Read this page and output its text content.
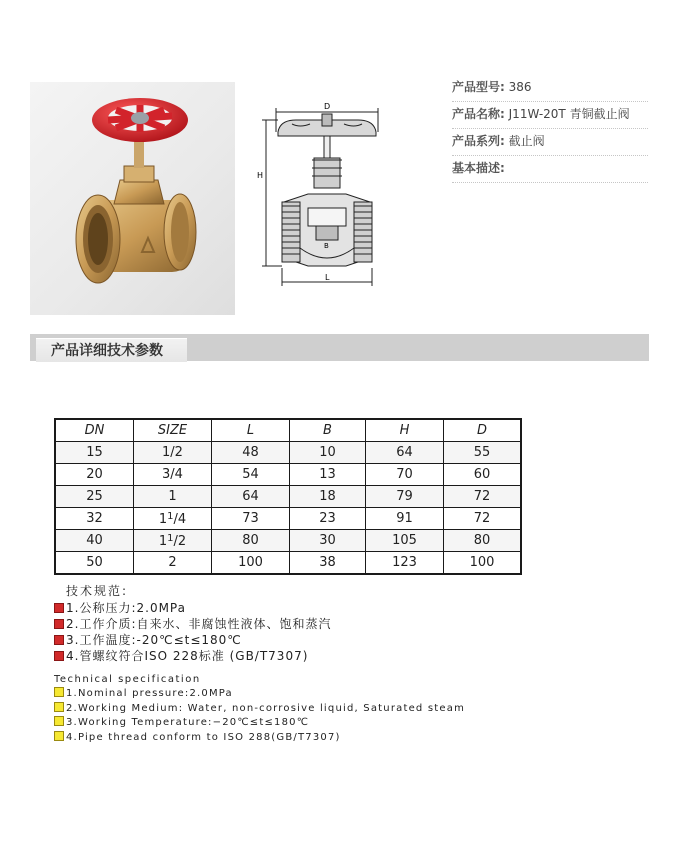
D
H
B
L
产品型号: 386
产品名称: J11W-20T 青铜截止阀
产品系列: 截止阀
基本描述:
产品详细技术参数
DN	SIZE	L	B	H	D
15	1/2	48	10	64	55
20	3/4	54	13	70	60
25	1	64	18	79	72
32	$1^1/4$	73	23	91	72
40	$1^1/2$	80	30	105	80
50	2	100	38	123	100
技术规范:
1.公称压力:2.0MPa
2.工作介质:自来水、非腐蚀性液体、饱和蒸汽
3.工作温度:-20℃≤t≤180℃
4.管螺纹符合ISO 228标准 (GB/T7307)
Technical specification
1.Nominal pressure:2.0MPa
2.Working Medium: Water, non-corrosive liquid, Saturated steam
3.Working Temperature:−20℃≤t≤180℃
4.Pipe thread conform to ISO 288(GB/T7307)
